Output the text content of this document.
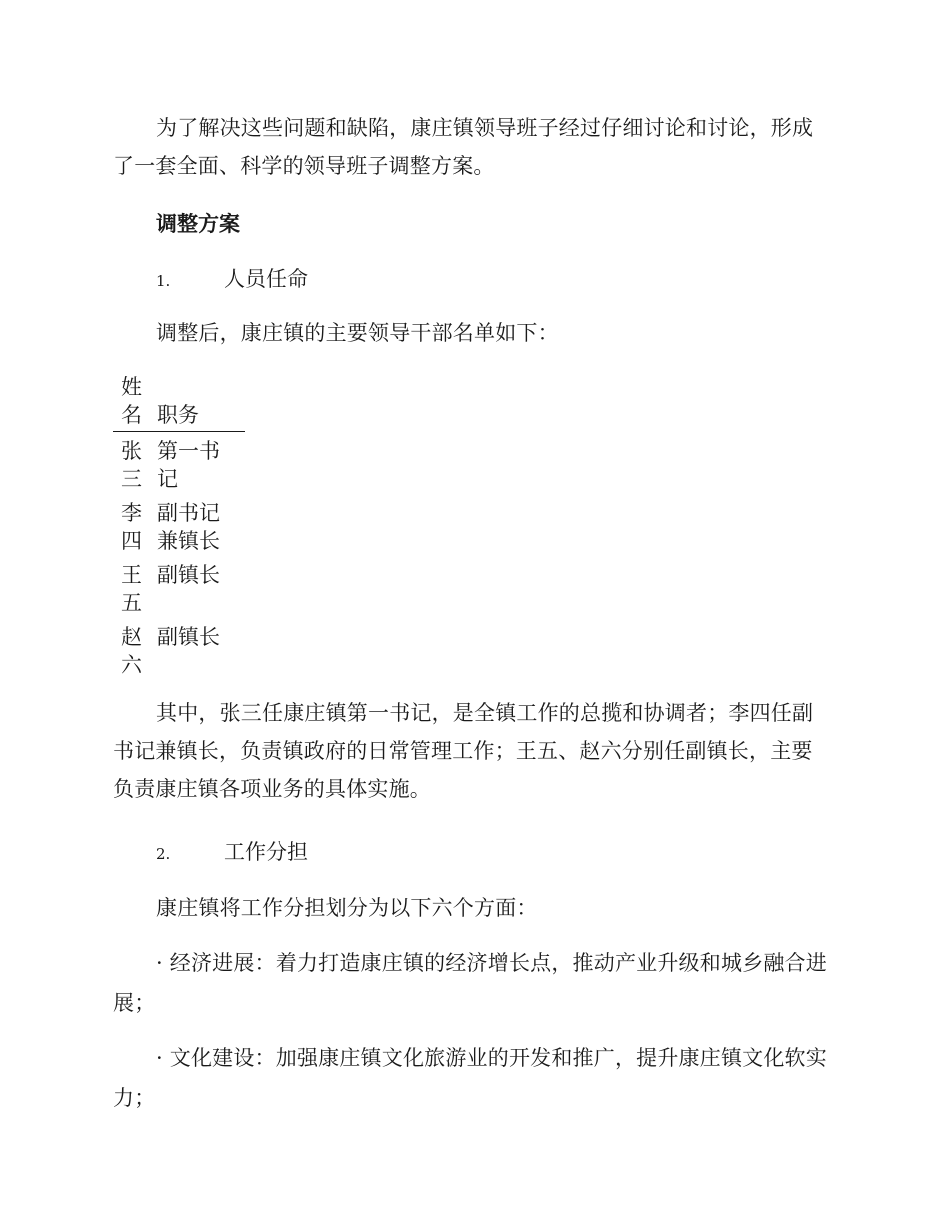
为了解决这些问题和缺陷，康庄镇领导班子经过仔细讨论和讨论，形成了一套全面、科学的领导班子调整方案。

调整方案

1.	人员任命

调整后，康庄镇的主要领导干部名单如下：

姓名	职务
张三	第一书记
李四	副书记兼镇长
王五	副镇长
赵六	副镇长

其中，张三任康庄镇第一书记，是全镇工作的总揽和协调者；李四任副书记兼镇长，负责镇政府的日常管理工作；王五、赵六分别任副镇长，主要负责康庄镇各项业务的具体实施。

2.	工作分担

康庄镇将工作分担划分为以下六个方面：

· 经济进展：着力打造康庄镇的经济增长点，推动产业升级和城乡融合进展；

· 文化建设：加强康庄镇文化旅游业的开发和推广，提升康庄镇文化软实力；
